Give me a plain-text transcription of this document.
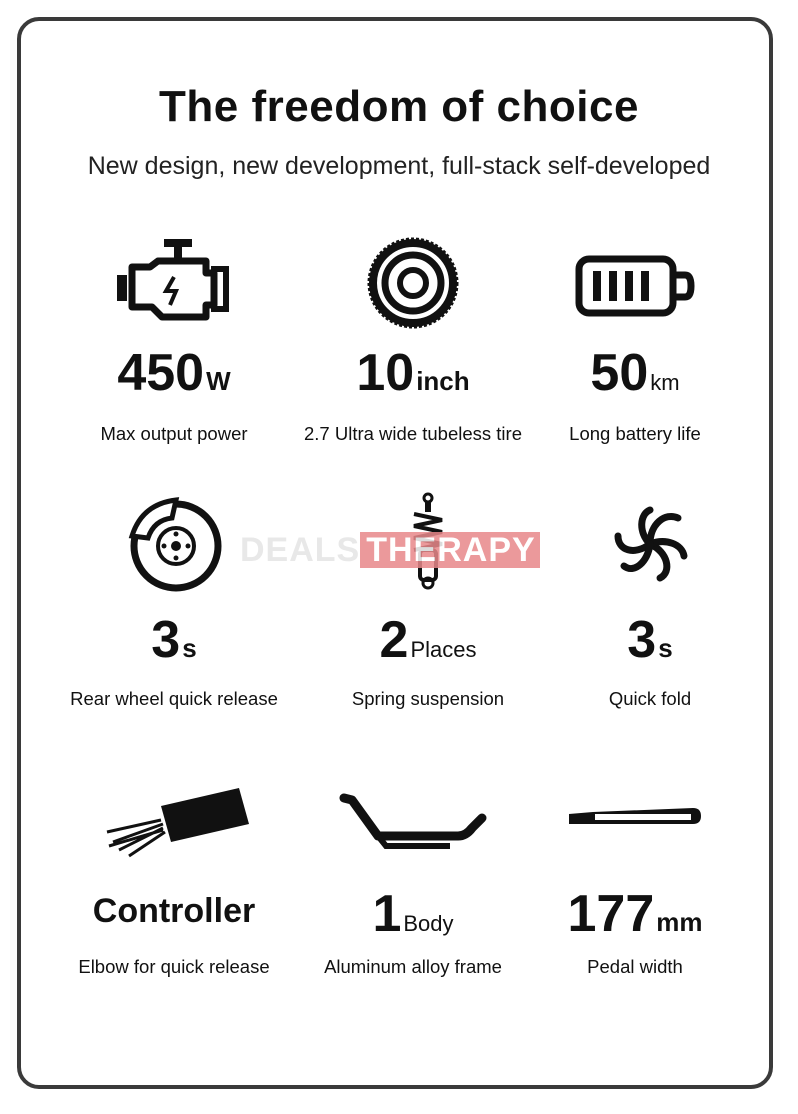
The freedom of choice
New design, new development, full-stack self-developed
450W
Max output power
10inch
2.7 Ultra wide tubeless tire
50km
Long battery life
3s
Rear wheel quick release
2Places
Spring suspension
3s
Quick fold
Controller
Elbow for quick release
1Body
Aluminum alloy frame
177mm
Pedal width
DEALS THERAPY
